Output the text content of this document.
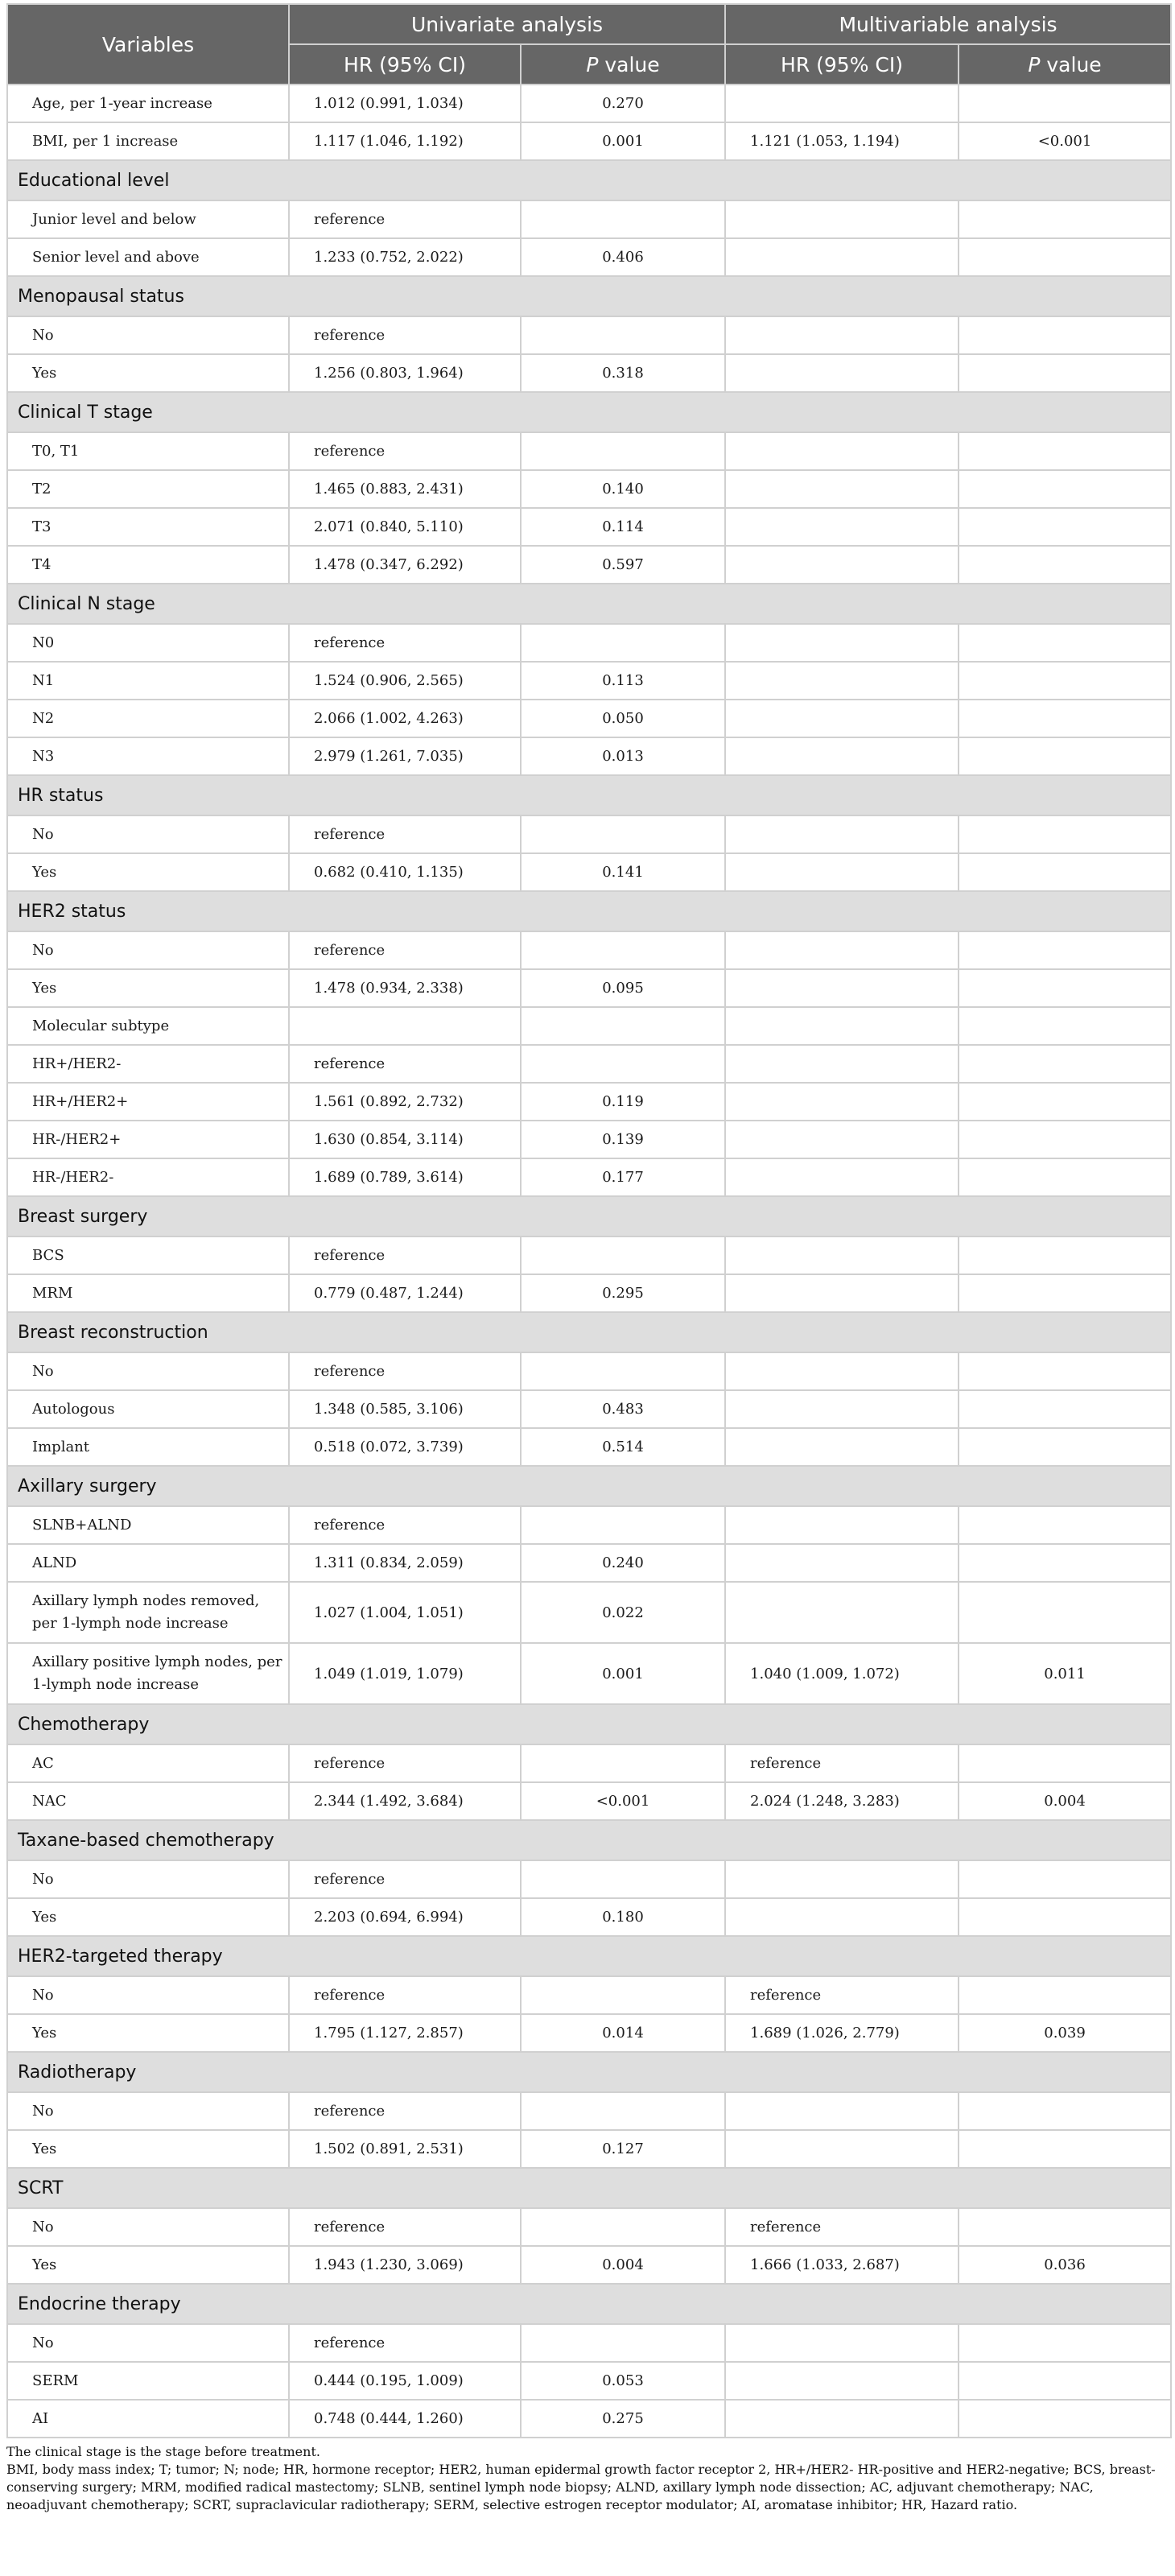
Variables	Univariate analysis		Multivariable analysis	
	HR (95% CI)	P value	HR (95% CI)	P value
Age, per 1-year increase	1.012 (0.991, 1.034)	0.270		
BMI, per 1 increase	1.117 (1.046, 1.192)	0.001	1.121 (1.053, 1.194)	<0.001
Educational level				
Junior level and below	reference			
Senior level and above	1.233 (0.752, 2.022)	0.406		
Menopausal status				
No	reference			
Yes	1.256 (0.803, 1.964)	0.318		
Clinical T stage				
T0, T1	reference			
T2	1.465 (0.883, 2.431)	0.140		
T3	2.071 (0.840, 5.110)	0.114		
T4	1.478 (0.347, 6.292)	0.597		
Clinical N stage				
N0	reference			
N1	1.524 (0.906, 2.565)	0.113		
N2	2.066 (1.002, 4.263)	0.050		
N3	2.979 (1.261, 7.035)	0.013		
HR status				
No	reference			
Yes	0.682 (0.410, 1.135)	0.141		
HER2 status				
No	reference			
Yes	1.478 (0.934, 2.338)	0.095		
Molecular subtype				
HR+/HER2-	reference			
HR+/HER2+	1.561 (0.892, 2.732)	0.119		
HR-/HER2+	1.630 (0.854, 3.114)	0.139		
HR-/HER2-	1.689 (0.789, 3.614)	0.177		
Breast surgery				
BCS	reference			
MRM	0.779 (0.487, 1.244)	0.295		
Breast reconstruction				
No	reference			
Autologous	1.348 (0.585, 3.106)	0.483		
Implant	0.518 (0.072, 3.739)	0.514		
Axillary surgery				
SLNB+ALND	reference			
ALND	1.311 (0.834, 2.059)	0.240		
Axillary lymph nodes removed, per 1-lymph node increase	1.027 (1.004, 1.051)	0.022		
Axillary positive lymph nodes, per 1-lymph node increase	1.049 (1.019, 1.079)	0.001	1.040 (1.009, 1.072)	0.011
Chemotherapy				
AC	reference		reference	
NAC	2.344 (1.492, 3.684)	<0.001	2.024 (1.248, 3.283)	0.004
Taxane-based chemotherapy				
No	reference			
Yes	2.203 (0.694, 6.994)	0.180		
HER2-targeted therapy				
No	reference		reference	
Yes	1.795 (1.127, 2.857)	0.014	1.689 (1.026, 2.779)	0.039
Radiotherapy				
No	reference			
Yes	1.502 (0.891, 2.531)	0.127		
SCRT				
No	reference		reference	
Yes	1.943 (1.230, 3.069)	0.004	1.666 (1.033, 2.687)	0.036
Endocrine therapy				
No	reference			
SERM	0.444 (0.195, 1.009)	0.053		
AI	0.748 (0.444, 1.260)	0.275		

The clinical stage is the stage before treatment.

BMI, body mass index; T; tumor; N; node; HR, hormone receptor; HER2, human epidermal growth factor receptor 2, HR+/HER2- HR-positive and HER2-negative; BCS, breast-conserving surgery; MRM, modified radical mastectomy; SLNB, sentinel lymph node biopsy; ALND, axillary lymph node dissection; AC, adjuvant chemotherapy; NAC, neoadjuvant chemotherapy; SCRT, supraclavicular radiotherapy; SERM, selective estrogen receptor modulator; AI, aromatase inhibitor; HR, Hazard ratio.
